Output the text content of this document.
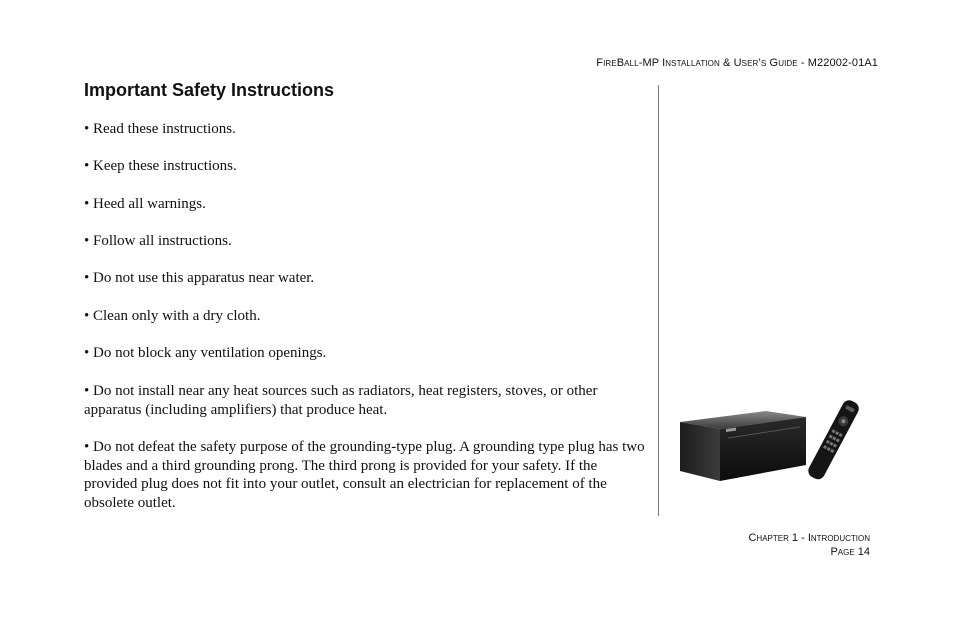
FireBall-MP Installation & User’s Guide - M22002-01A1
Important Safety Instructions

• Read these instructions.

• Keep these instructions.

• Heed all warnings.

• Follow all instructions.

• Do not use this apparatus near water.

• Clean only with a dry cloth.

• Do not block any ventilation openings.

• Do not install near any heat sources such as radiators, heat registers, stoves, or other apparatus (including amplifiers) that produce heat.

• Do not defeat the safety purpose of the grounding-type plug. A grounding type plug has two blades and a third grounding prong. The third prong is provided for your safety. If the provided plug does not fit into your outlet, consult an electrician for replacement of the obsolete outlet.

Chapter 1 - Introduction
Page 14
